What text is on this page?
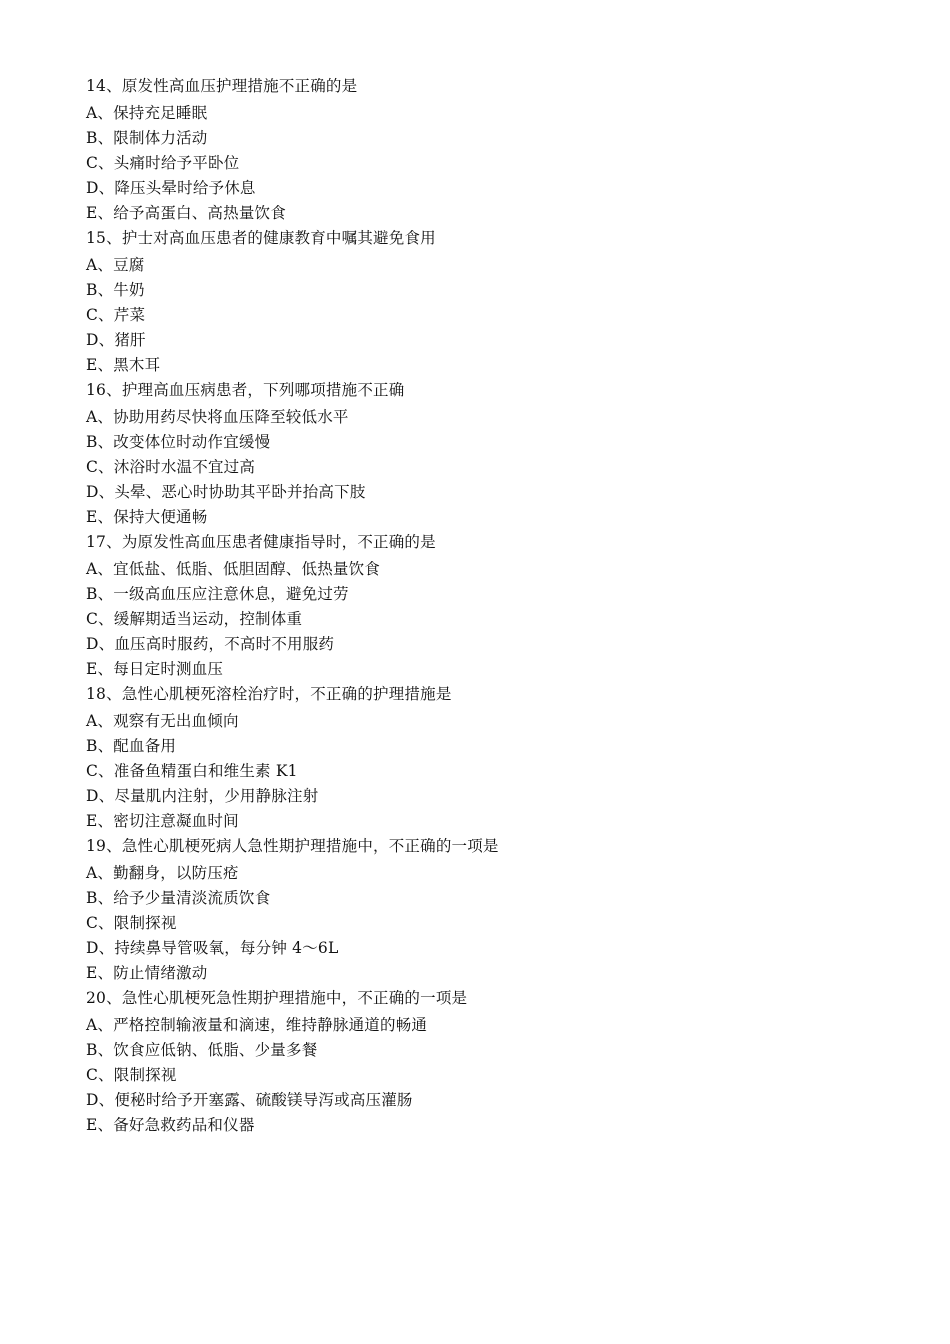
14、原发性高血压护理措施不正确的是
A、保持充足睡眠
B、限制体力活动
C、头痛时给予平卧位
D、降压头晕时给予休息
E、给予高蛋白、高热量饮食
15、护士对高血压患者的健康教育中嘱其避免食用
A、豆腐
B、牛奶
C、芹菜
D、猪肝
E、黑木耳
16、护理高血压病患者，下列哪项措施不正确
A、协助用药尽快将血压降至较低水平
B、改变体位时动作宜缓慢
C、沐浴时水温不宜过高
D、头晕、恶心时协助其平卧并抬高下肢
E、保持大便通畅
17、为原发性高血压患者健康指导时，不正确的是
A、宜低盐、低脂、低胆固醇、低热量饮食
B、一级高血压应注意休息，避免过劳
C、缓解期适当运动，控制体重
D、血压高时服药，不高时不用服药
E、每日定时测血压
18、急性心肌梗死溶栓治疗时，不正确的护理措施是
A、观察有无出血倾向
B、配血备用
C、准备鱼精蛋白和维生素 K1
D、尽量肌内注射，少用静脉注射
E、密切注意凝血时间
19、急性心肌梗死病人急性期护理措施中，不正确的一项是
A、勤翻身，以防压疮
B、给予少量清淡流质饮食
C、限制探视
D、持续鼻导管吸氧，每分钟 4～6L
E、防止情绪激动
20、急性心肌梗死急性期护理措施中，不正确的一项是
A、严格控制输液量和滴速，维持静脉通道的畅通
B、饮食应低钠、低脂、少量多餐
C、限制探视
D、便秘时给予开塞露、硫酸镁导泻或高压灌肠
E、备好急救药品和仪器
